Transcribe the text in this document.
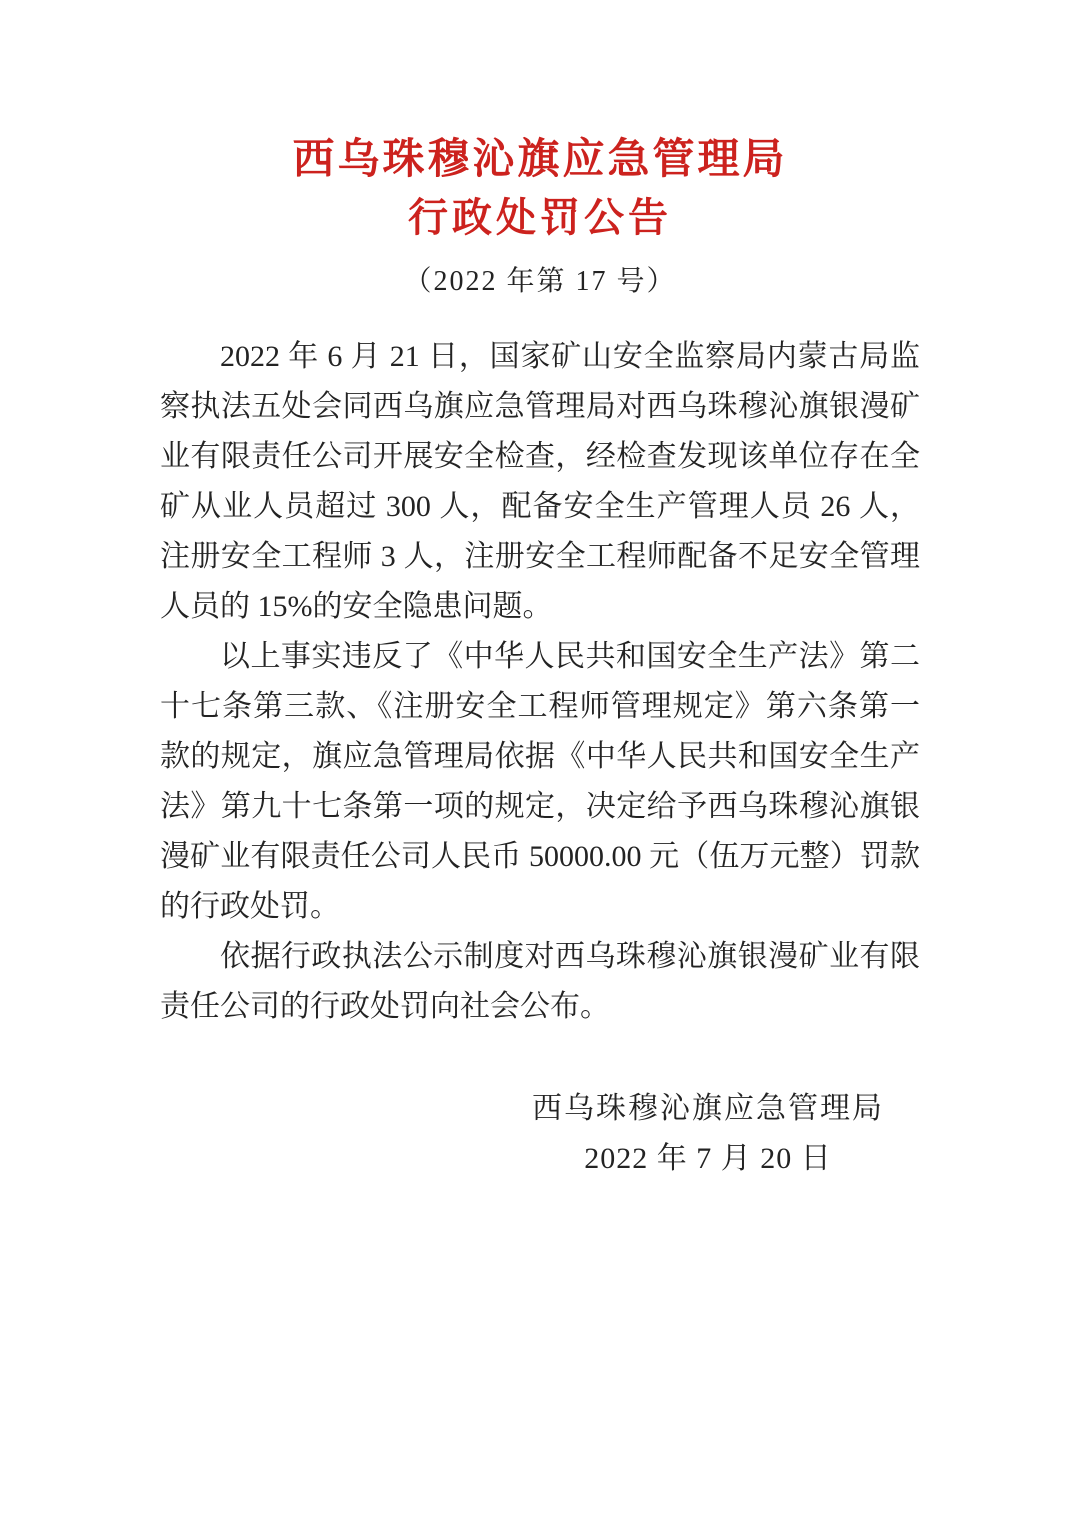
西乌珠穆沁旗应急管理局
行政处罚公告
（2022 年第 17 号）

2022 年 6 月 21 日，国家矿山安全监察局内蒙古局监察执法五处会同西乌旗应急管理局对西乌珠穆沁旗银漫矿业有限责任公司开展安全检查，经检查发现该单位存在全矿从业人员超过 300 人，配备安全生产管理人员 26 人，注册安全工程师 3 人，注册安全工程师配备不足安全管理人员的 15%的安全隐患问题。

以上事实违反了《中华人民共和国安全生产法》第二十七条第三款、《注册安全工程师管理规定》第六条第一款的规定，旗应急管理局依据《中华人民共和国安全生产法》第九十七条第一项的规定，决定给予西乌珠穆沁旗银漫矿业有限责任公司人民币 50000.00 元（伍万元整）罚款的行政处罚。

依据行政执法公示制度对西乌珠穆沁旗银漫矿业有限责任公司的行政处罚向社会公布。

西乌珠穆沁旗应急管理局
2022 年 7 月 20 日
